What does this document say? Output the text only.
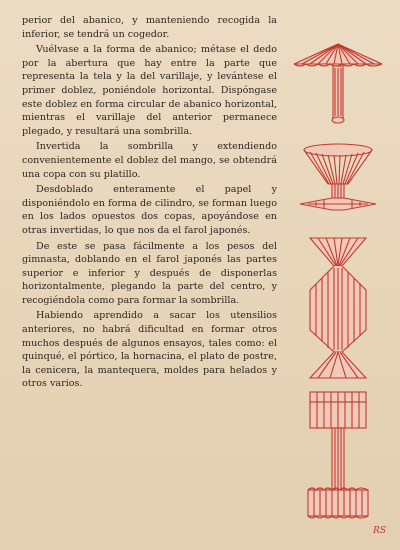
perior del abanico, y manteniendo recogida la inferior, se tendrá un cogedor.

Vuélvase a la forma de abanico; métase el dedo por la abertura que hay entre la parte que representa la tela y la del varillaje, y levántese el primer doblez, poniéndole horizontal. Dispóngase este doblez en forma circular de abanico horizontal, mientras el varillaje del anterior permanece plegado, y resultará una sombrilla.

Invertida la sombrilla y extendiendo convenientemente el doblez del mango, se obtendrá una copa con su platillo.

Desdoblado enteramente el papel y disponiéndolo en forma de cilindro, se forman luego en los lados opuestos dos copas, apoyándose en otras invertidas, lo que nos da el farol japonés.

De este se pasa fácilmente a los pesos del gimnasta, doblando en el farol japonés las partes superior e inferior y después de disponerlas horizontalmente, plegando la parte del centro, y recogiéndola como para formar la sombrilla.

Habiendo aprendido a sacar los utensilios anteriores, no habrá dificultad en formar otros muchos después de algunos ensayos, tales como: el quinqué, el pórtico, la hornacina, el plato de postre, la cenicera, la mantequera, moldes para helados y otros varios.

RS
